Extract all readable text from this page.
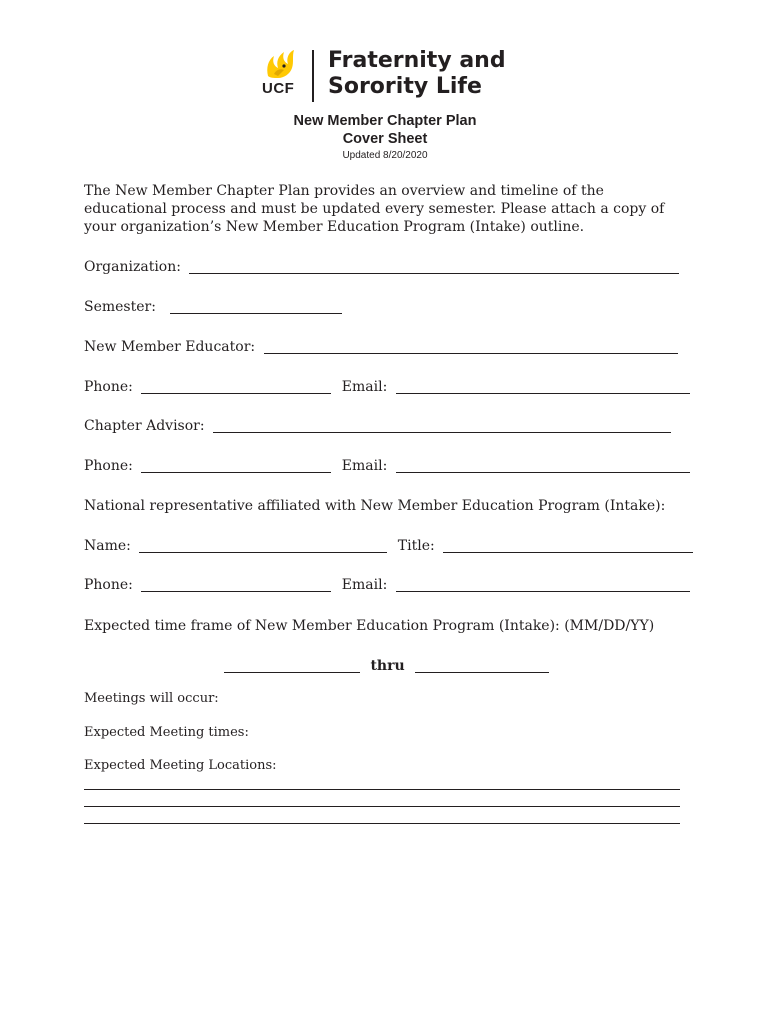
UCF
Fraternity and
Sorority Life
New Member Chapter Plan
Cover Sheet
Updated 8/20/2020
The New Member Chapter Plan provides an overview and timeline of the educational process and must be updated every semester. Please attach a copy of your organization’s New Member Education Program (Intake) outline.
Organization:
Semester:
New Member Educator:
Phone:	Email:
Chapter Advisor:
Phone:	Email:
National representative affiliated with New Member Education Program (Intake):
Name:	Title:
Phone:	Email:
Expected time frame of New Member Education Program (Intake): (MM/DD/YY)
thru
Meetings will occur:
Expected Meeting times:
Expected Meeting Locations:
